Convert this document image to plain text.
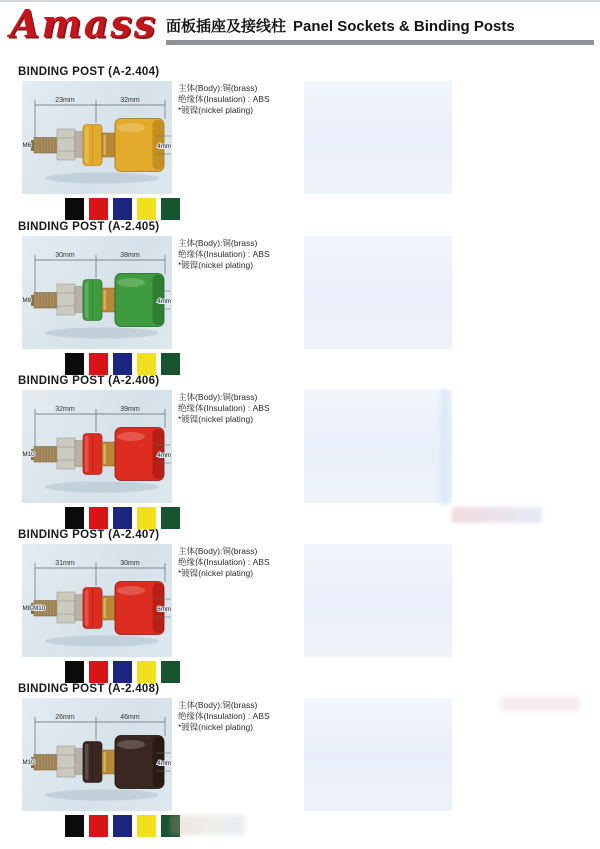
Amass 面板插座及接线柱 Panel Sockets & Binding Posts
BINDING POST (A-2.404)
23mm	32mm
M6	4mm
主体(Body):铜(brass)
绝缘体(Insulation) : ABS
*镀镍(nickel plating)
BINDING POST (A-2.405)
30mm	38mm
M8	4mm
主体(Body):铜(brass)
绝缘体(Insulation) : ABS
*镀镍(nickel plating)
BINDING POST (A-2.406)
32mm	39mm
M10	4mm
主体(Body):铜(brass)
绝缘体(Insulation) : ABS
*镀镍(nickel plating)
BINDING POST (A-2.407)
31mm	30mm
M8-M10	6mm
主体(Body):铜(brass)
绝缘体(Insulation) : ABS
*镀镍(nickel plating)
BINDING POST (A-2.408)
26mm	46mm
M10	4mm
主体(Body):铜(brass)
绝缘体(Insulation) : ABS
*镀镍(nickel plating)
